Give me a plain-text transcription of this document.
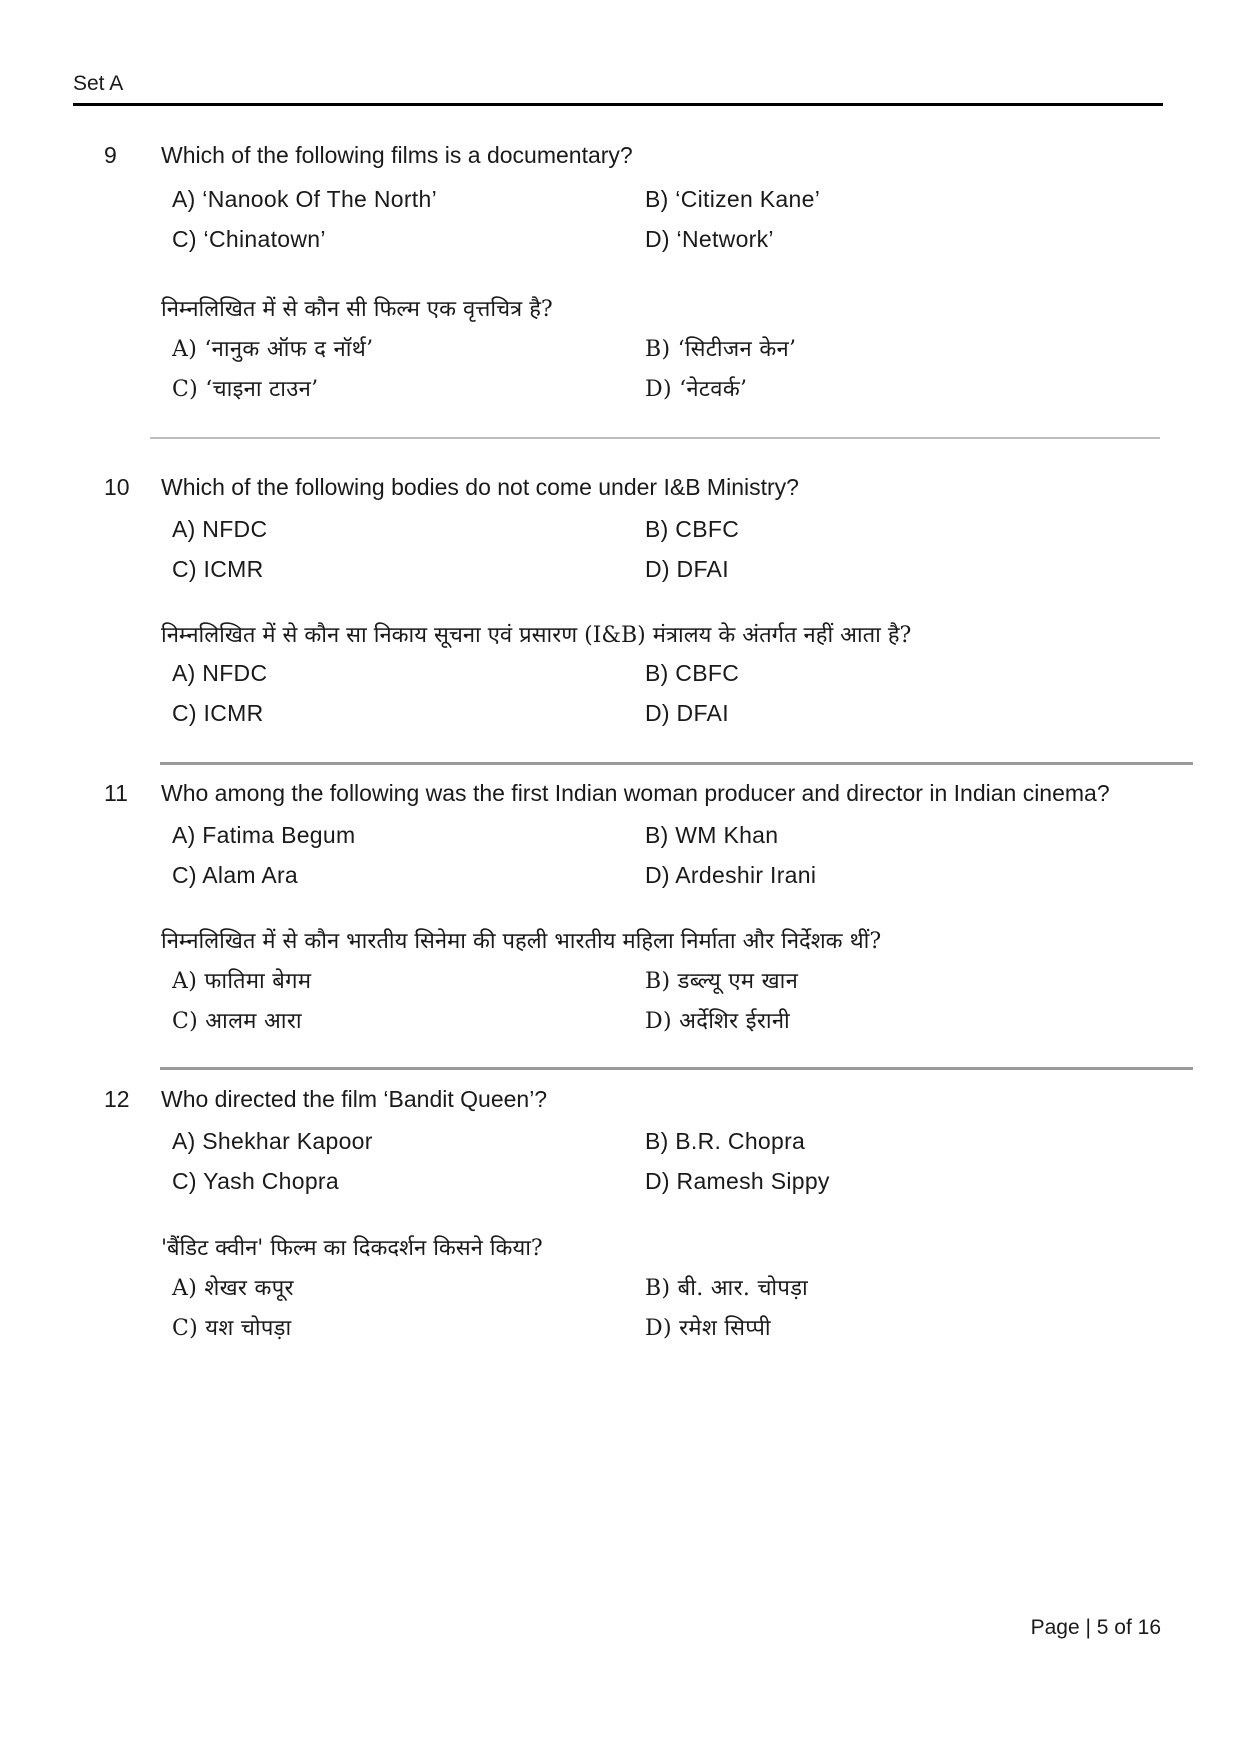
Set A
9 Which of the following films is a documentary?
A) ‘Nanook Of The North’	B) ‘Citizen Kane’
C) ‘Chinatown’	D) ‘Network’
निम्नलिखित में से कौन सी फिल्म एक वृत्तचित्र है?
A) ‘नानुक ऑफ द नॉर्थ’	B) ‘सिटीजन केन’
C) ‘चाइना टाउन’	D) ‘नेटवर्क’
10 Which of the following bodies do not come under I&B Ministry?
A) NFDC	B) CBFC
C) ICMR	D) DFAI
निम्नलिखित में से कौन सा निकाय सूचना एवं प्रसारण (I&B) मंत्रालय के अंतर्गत नहीं आता है?
A) NFDC	B) CBFC
C) ICMR	D) DFAI
11 Who among the following was the first Indian woman producer and director in Indian cinema?
A) Fatima Begum	B) WM Khan
C) Alam Ara	D) Ardeshir Irani
निम्नलिखित में से कौन भारतीय सिनेमा की पहली भारतीय महिला निर्माता और निर्देशक थीं?
A) फातिमा बेगम	B) डब्ल्यू एम खान
C) आलम आरा	D) अर्देशिर ईरानी
12 Who directed the film ‘Bandit Queen’?
A) Shekhar Kapoor	B) B.R. Chopra
C) Yash Chopra	D) Ramesh Sippy
'बैंडिट क्वीन' फिल्म का दिकदर्शन किसने किया?
A) शेखर कपूर	B) बी. आर. चोपड़ा
C) यश चोपड़ा	D) रमेश सिप्पी
Page | 5 of 16
